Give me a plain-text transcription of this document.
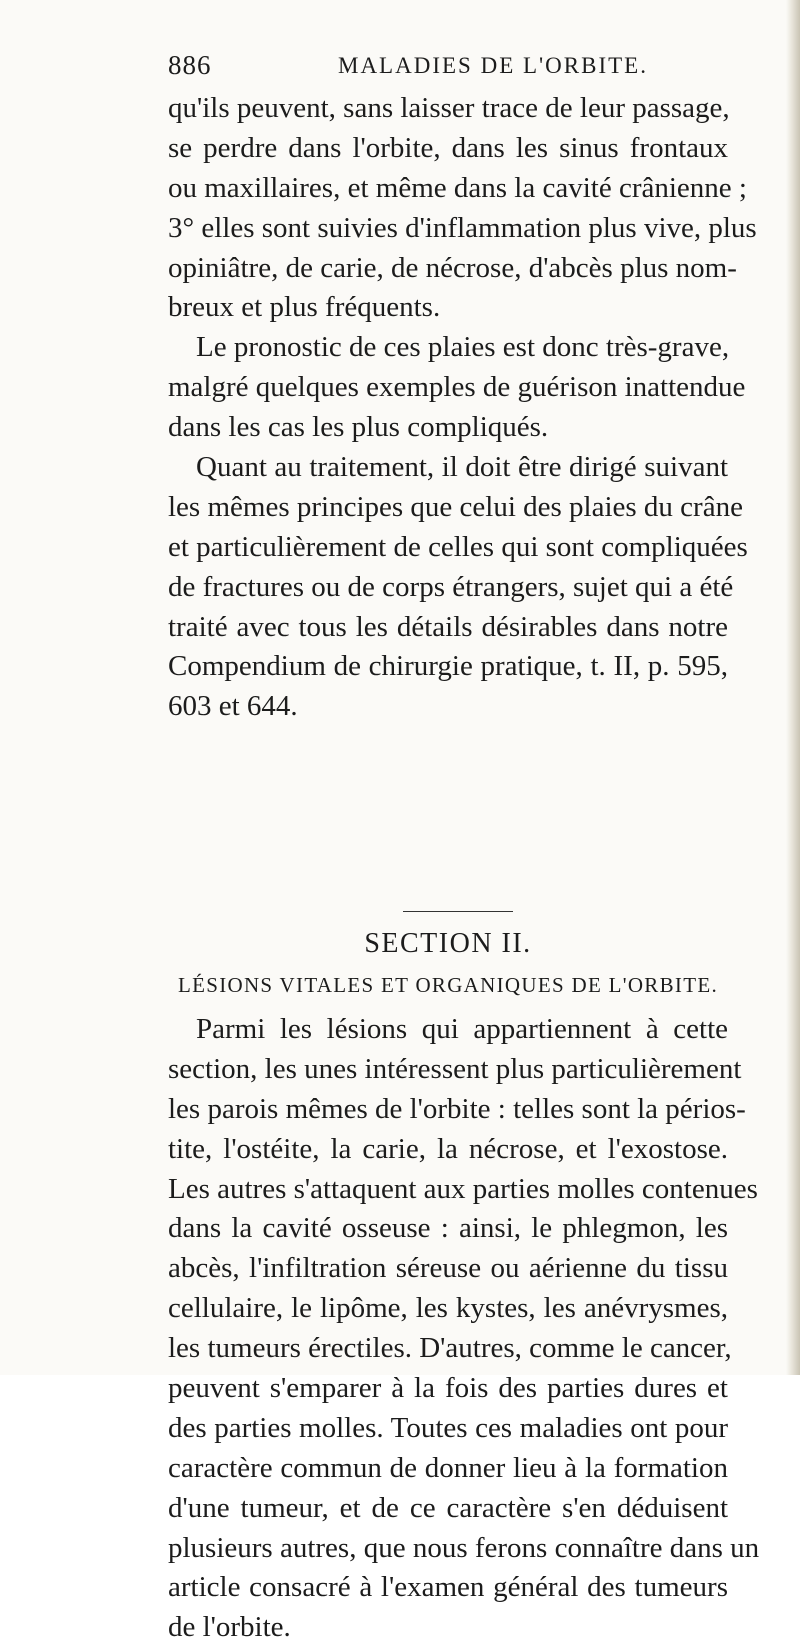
886	MALADIES DE L'ORBITE.
qu'ils peuvent, sans laisser trace de leur passage,
se perdre dans l'orbite, dans les sinus frontaux
ou maxillaires, et même dans la cavité crânienne ;
3° elles sont suivies d'inflammation plus vive, plus
opiniâtre, de carie, de nécrose, d'abcès plus nom-
breux et plus fréquents.
Le pronostic de ces plaies est donc très-grave,
malgré quelques exemples de guérison inattendue
dans les cas les plus compliqués.
Quant au traitement, il doit être dirigé suivant
les mêmes principes que celui des plaies du crâne
et particulièrement de celles qui sont compliquées
de fractures ou de corps étrangers, sujet qui a été
traité avec tous les détails désirables dans notre
Compendium de chirurgie pratique, t. II, p. 595,
603 et 644.
SECTION II.
LÉSIONS VITALES ET ORGANIQUES DE L'ORBITE.
Parmi les lésions qui appartiennent à cette
section, les unes intéressent plus particulièrement
les parois mêmes de l'orbite : telles sont la périos-
tite, l'ostéite, la carie, la nécrose, et l'exostose.
Les autres s'attaquent aux parties molles contenues
dans la cavité osseuse : ainsi, le phlegmon, les
abcès, l'infiltration séreuse ou aérienne du tissu
cellulaire, le lipôme, les kystes, les anévrysmes,
les tumeurs érectiles. D'autres, comme le cancer,
peuvent s'emparer à la fois des parties dures et
des parties molles. Toutes ces maladies ont pour
caractère commun de donner lieu à la formation
d'une tumeur, et de ce caractère s'en déduisent
plusieurs autres, que nous ferons connaître dans un
article consacré à l'examen général des tumeurs
de l'orbite.
